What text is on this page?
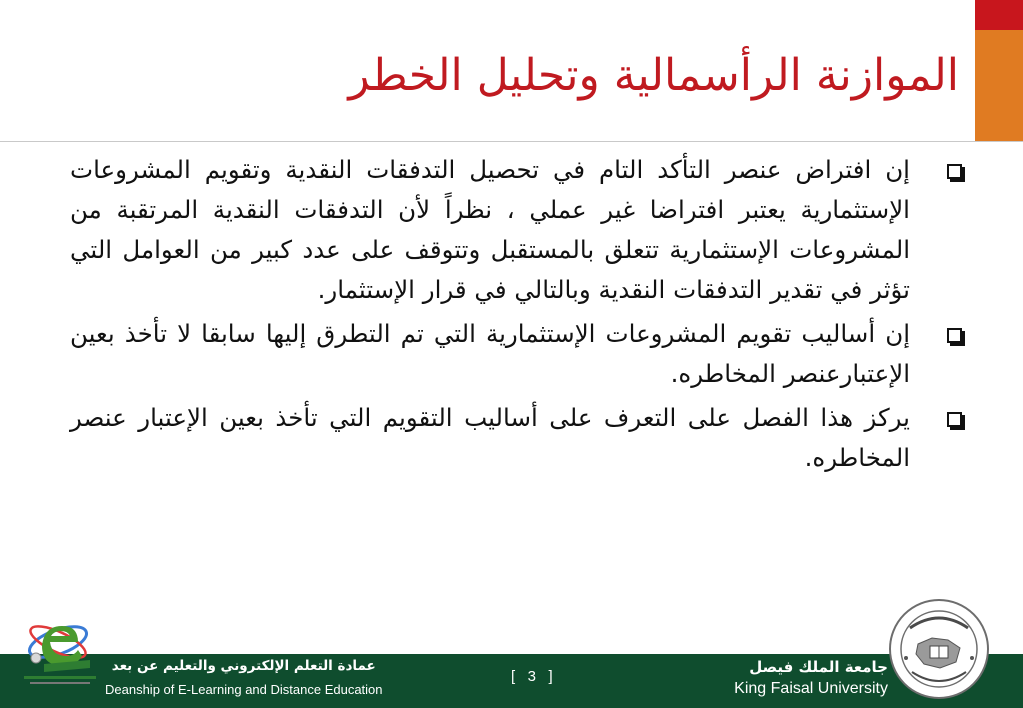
الموازنة الرأسمالية وتحليل الخطر
إن افتراض عنصر التأكد التام في تحصيل التدفقات النقدية وتقويم المشروعات الإستثمارية يعتبر افتراضا غير عملي ، نظراً لأن التدفقات النقدية المرتقبة من المشروعات الإستثمارية تتعلق بالمستقبل وتتوقف على عدد كبير من العوامل التي تؤثر في تقدير التدفقات النقدية وبالتالي في قرار الإستثمار.
إن أساليب تقويم المشروعات الإستثمارية التي تم التطرق إليها سابقا لا تأخذ بعين الإعتبارعنصر المخاطره.
يركز هذا الفصل على التعرف على أساليب التقويم التي تأخذ بعين الإعتبار عنصر المخاطره.
عمادة التعلم الإلكتروني والتعليم عن بعد
Deanship of E-Learning and Distance Education
[   3   ]
جامعة الملك فيصل
King Faisal University
